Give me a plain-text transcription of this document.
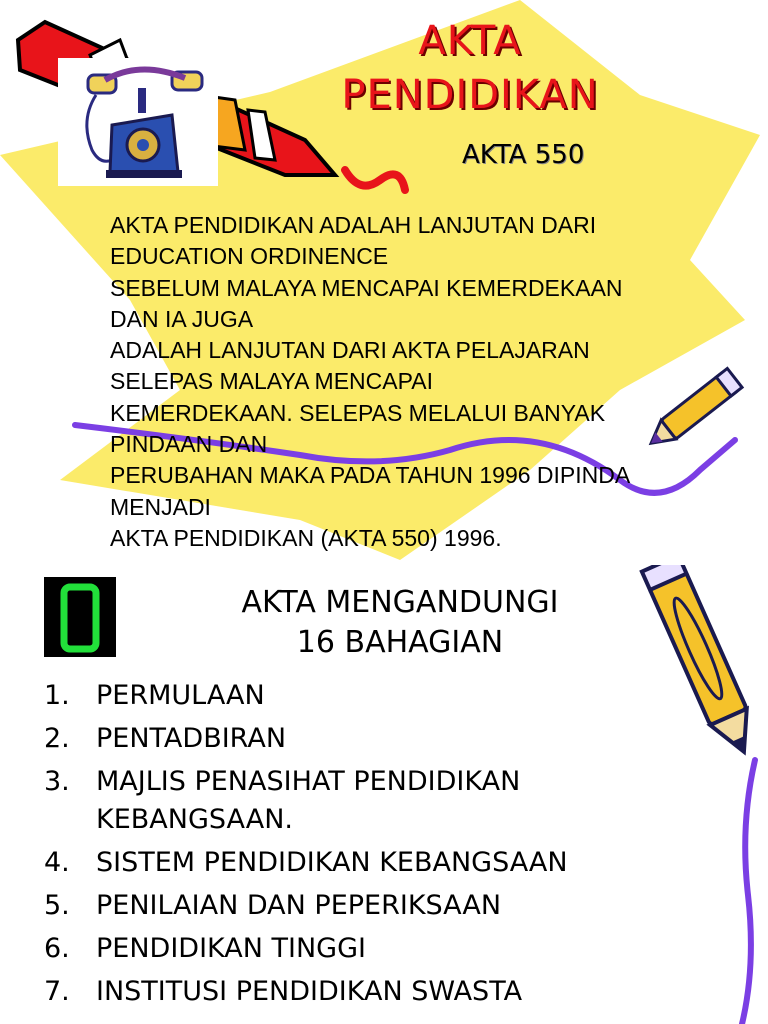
AKTA
PENDIDIKAN
AKTA 550
AKTA PENDIDIKAN ADALAH LANJUTAN DARI
EDUCATION ORDINENCE
SEBELUM MALAYA MENCAPAI KEMERDEKAAN
DAN IA JUGA
ADALAH LANJUTAN DARI AKTA PELAJARAN
SELEPAS MALAYA MENCAPAI
KEMERDEKAAN. SELEPAS MELALUI BANYAK
PINDAAN DAN
PERUBAHAN MAKA PADA TAHUN 1996 DIPINDA
MENJADI
AKTA PENDIDIKAN (AKTA 550) 1996.
AKTA MENGANDUNGI
16 BAHAGIAN
1. PERMULAAN
2. PENTADBIRAN
3. MAJLIS PENASIHAT PENDIDIKAN KEBANGSAAN.
4. SISTEM PENDIDIKAN KEBANGSAAN
5. PENILAIAN DAN PEPERIKSAAN
6. PENDIDIKAN TINGGI
7. INSTITUSI PENDIDIKAN SWASTA
